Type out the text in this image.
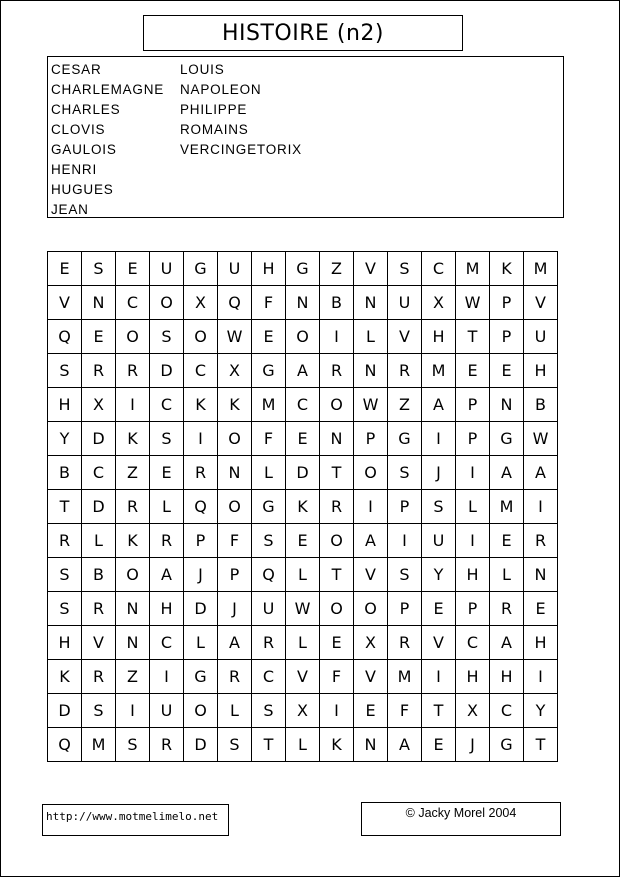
HISTOIRE (n2)
CESAR
CHARLEMAGNE
CHARLES
CLOVIS
GAULOIS
HENRI
HUGUES
JEAN
LOUIS
NAPOLEON
PHILIPPE
ROMAINS
VERCINGETORIX
E	S	E	U	G	U	H	G	Z	V	S	C	M	K	M
V	N	C	O	X	Q	F	N	B	N	U	X	W	P	V
Q	E	O	S	O	W	E	O	I	L	V	H	T	P	U
S	R	R	D	C	X	G	A	R	N	R	M	E	E	H
H	X	I	C	K	K	M	C	O	W	Z	A	P	N	B
Y	D	K	S	I	O	F	E	N	P	G	I	P	G	W
B	C	Z	E	R	N	L	D	T	O	S	J	I	A	A
T	D	R	L	Q	O	G	K	R	I	P	S	L	M	I
R	L	K	R	P	F	S	E	O	A	I	U	I	E	R
S	B	O	A	J	P	Q	L	T	V	S	Y	H	L	N
S	R	N	H	D	J	U	W	O	O	P	E	P	R	E
H	V	N	C	L	A	R	L	E	X	R	V	C	A	H
K	R	Z	I	G	R	C	V	F	V	M	I	H	H	I
D	S	I	U	O	L	S	X	I	E	F	T	X	C	Y
Q	M	S	R	D	S	T	L	K	N	A	E	J	G	T
http://www.motmelimelo.net	© Jacky Morel 2004
